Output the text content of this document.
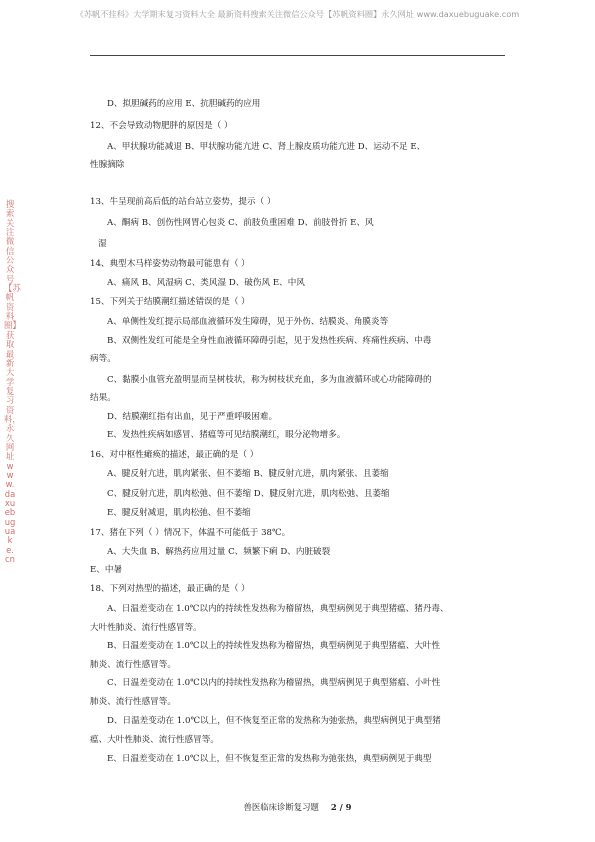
《苏帆不挂科》大学期末复习资料大全 最新资料搜索关注微信公众号【苏帆资料圈】永久网址 www.daxuebuguake.com
搜索关注微信公众号【苏帆资料圈】获取最新大学复习资料，永久网址www.daxuebuguake.cn
D、拟胆碱药的应用 E、抗胆碱药的应用
12、不会导致动物肥胖的原因是（ ）
A、甲状腺功能减退 B、甲状腺功能亢进 C、肾上腺皮质功能亢进 D、运动不足 E、
性腺摘除
13、牛呈现前高后低的站台站立姿势，提示（ ）
A、酮病 B、创伤性网胃心包炎 C、前肢负重困难 D、前肢骨折 E、风
湿
14、典型木马样姿势动物最可能患有（ ）
A、痛风 B、风湿病 C、类风湿 D、破伤风 E、中风
15、下列关于结膜潮红描述错误的是（ ）
A、单侧性发红提示局部血液循环发生障碍，见于外伤、结膜炎、角膜炎等
B、双侧性发红可能是全身性血液循环障碍引起，见于发热性疾病、疼痛性疾病、中毒
病等。
C、黏膜小血管充盈明显而呈树枝状，称为树枝状充血，多为血液循环或心功能障碍的
结果。
D、结膜潮红指有出血，见于严重呼吸困难。
E、发热性疾病如感冒、猪瘟等可见结膜潮红，眼分泌物增多。
16、对中枢性瘫痪的描述，最正确的是（ ）
A、腱反射亢进，肌肉紧张、但不萎缩 B、腱反射亢进，肌肉紧张、且萎缩
C、腱反射亢进，肌肉松弛、但不萎缩 D、腱反射亢进，肌肉松弛、且萎缩
E、腱反射减退，肌肉松弛、但不萎缩
17、猪在下列（ ）情况下，体温不可能低于 38℃。
A、大失血 B、解热药应用过量 C、频繁下痢 D、内脏破裂
E、中暑
18、下列对热型的描述，最正确的是（ ）
A、日温差变动在 1.0℃以内的持续性发热称为稽留热，典型病例见于典型猪瘟、猪丹毒、
大叶性肺炎、流行性感冒等。
B、日温差变动在 1.0℃以上的持续性发热称为稽留热，典型病例见于典型猪瘟、大叶性
肺炎、流行性感冒等。
C、日温差变动在 1.0℃以内的持续性发热称为稽留热，典型病例见于典型猪瘟、小叶性
肺炎、流行性感冒等。
D、日温差变动在 1.0℃以上，但不恢复至正常的发热称为弛张热，典型病例见于典型猪
瘟、大叶性肺炎、流行性感冒等。
E、日温差变动在 1.0℃以上，但不恢复至正常的发热称为弛张热，典型病例见于典型
兽医临床诊断复习题 2 / 9
